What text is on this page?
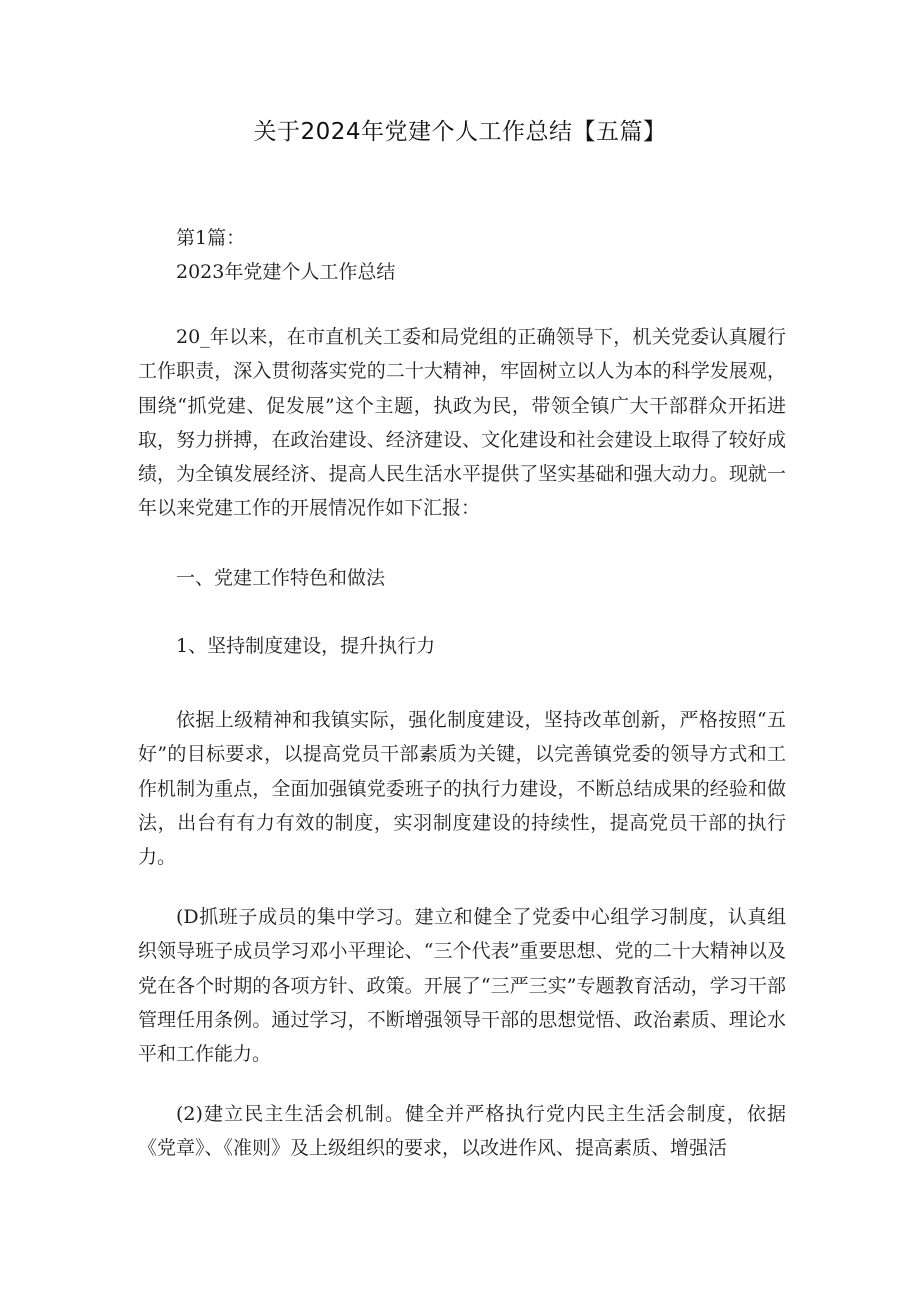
关于2024年党建个人工作总结【五篇】

第1篇：

2023年党建个人工作总结

20_年以来，在市直机关工委和局党组的正确领导下，机关党委认真履行工作职责，深入贯彻落实党的二十大精神，牢固树立以人为本的科学发展观，围绕“抓党建、促发展”这个主题，执政为民，带领全镇广大干部群众开拓进取，努力拼搏，在政治建设、经济建设、文化建设和社会建设上取得了较好成绩，为全镇发展经济、提高人民生活水平提供了坚实基础和强大动力。现就一年以来党建工作的开展情况作如下汇报：

一、党建工作特色和做法

1、坚持制度建设，提升执行力

依据上级精神和我镇实际，强化制度建设，坚持改革创新，严格按照“五好”的目标要求，以提高党员干部素质为关键，以完善镇党委的领导方式和工作机制为重点，全面加强镇党委班子的执行力建设，不断总结成果的经验和做法，出台有有力有效的制度，实羽制度建设的持续性，提高党员干部的执行力。

(D抓班子成员的集中学习。建立和健全了党委中心组学习制度，认真组织领导班子成员学习邓小平理论、“三个代表”重要思想、党的二十大精神以及党在各个时期的各项方针、政策。开展了“三严三实”专题教育活动，学习干部管理任用条例。通过学习，不断增强领导干部的思想觉悟、政治素质、理论水平和工作能力。

(2)建立民主生活会机制。健全并严格执行党内民主生活会制度，依据《党章》、《准则》及上级组织的要求，以改进作风、提高素质、增强活
